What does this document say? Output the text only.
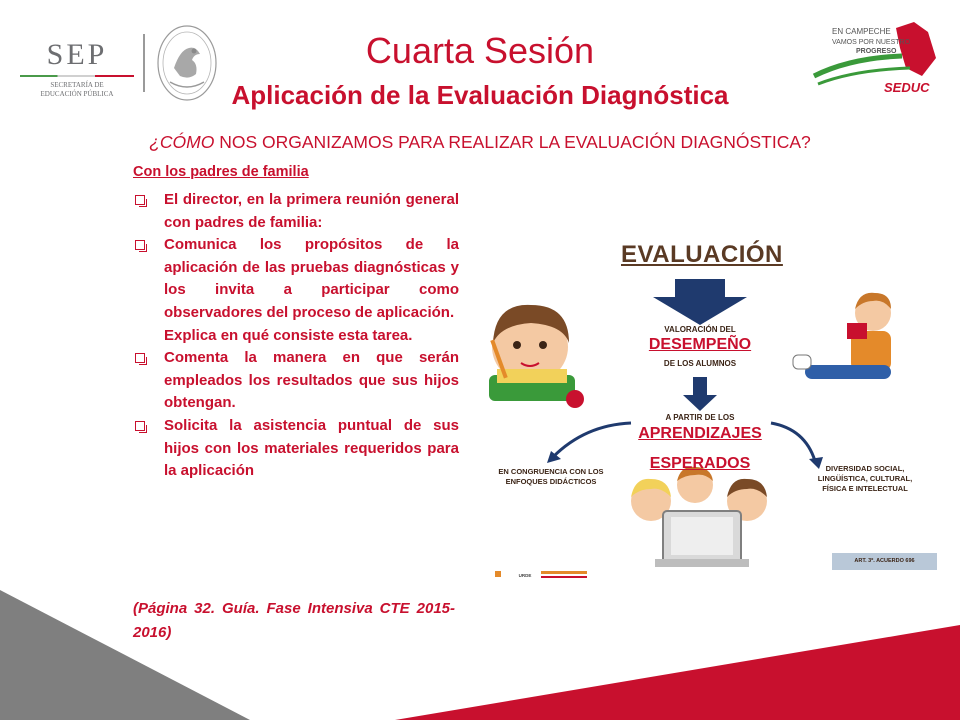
SEP
SECRETARÍA DE
EDUCACIÓN PÚBLICA
EN CAMPECHE
VAMOS POR NUESTRO
PROGRESO
SEDUC
Cuarta Sesión
Aplicación de la Evaluación Diagnóstica
¿CÓMO NOS ORGANIZAMOS PARA REALIZAR LA EVALUACIÓN DIAGNÓSTICA?
Con los padres de familia
El director, en la primera reunión general con padres de familia:
Comunica los propósitos de la aplicación de las pruebas diagnósticas y los invita a participar como observadores del proceso de aplicación.
Explica en qué consiste esta tarea.
Comenta la manera en que serán empleados los resultados que sus hijos obtengan.
Solicita la asistencia puntual de sus hijos con los materiales requeridos para la aplicación
(Página 32. Guía. Fase Intensiva CTE 2015-2016)
EVALUACIÓN
VALORACIÓN DEL
DESEMPEÑO
DE LOS ALUMNOS
A PARTIR DE LOS
APRENDIZAJES
ESPERADOS
EN CONGRUENCIA CON LOS ENFOQUES DIDÁCTICOS
DIVERSIDAD SOCIAL, LINGÜÍSTICA, CULTURAL, FÍSICA E INTELECTUAL
ART. 3º. ACUERDO 696
URDE
